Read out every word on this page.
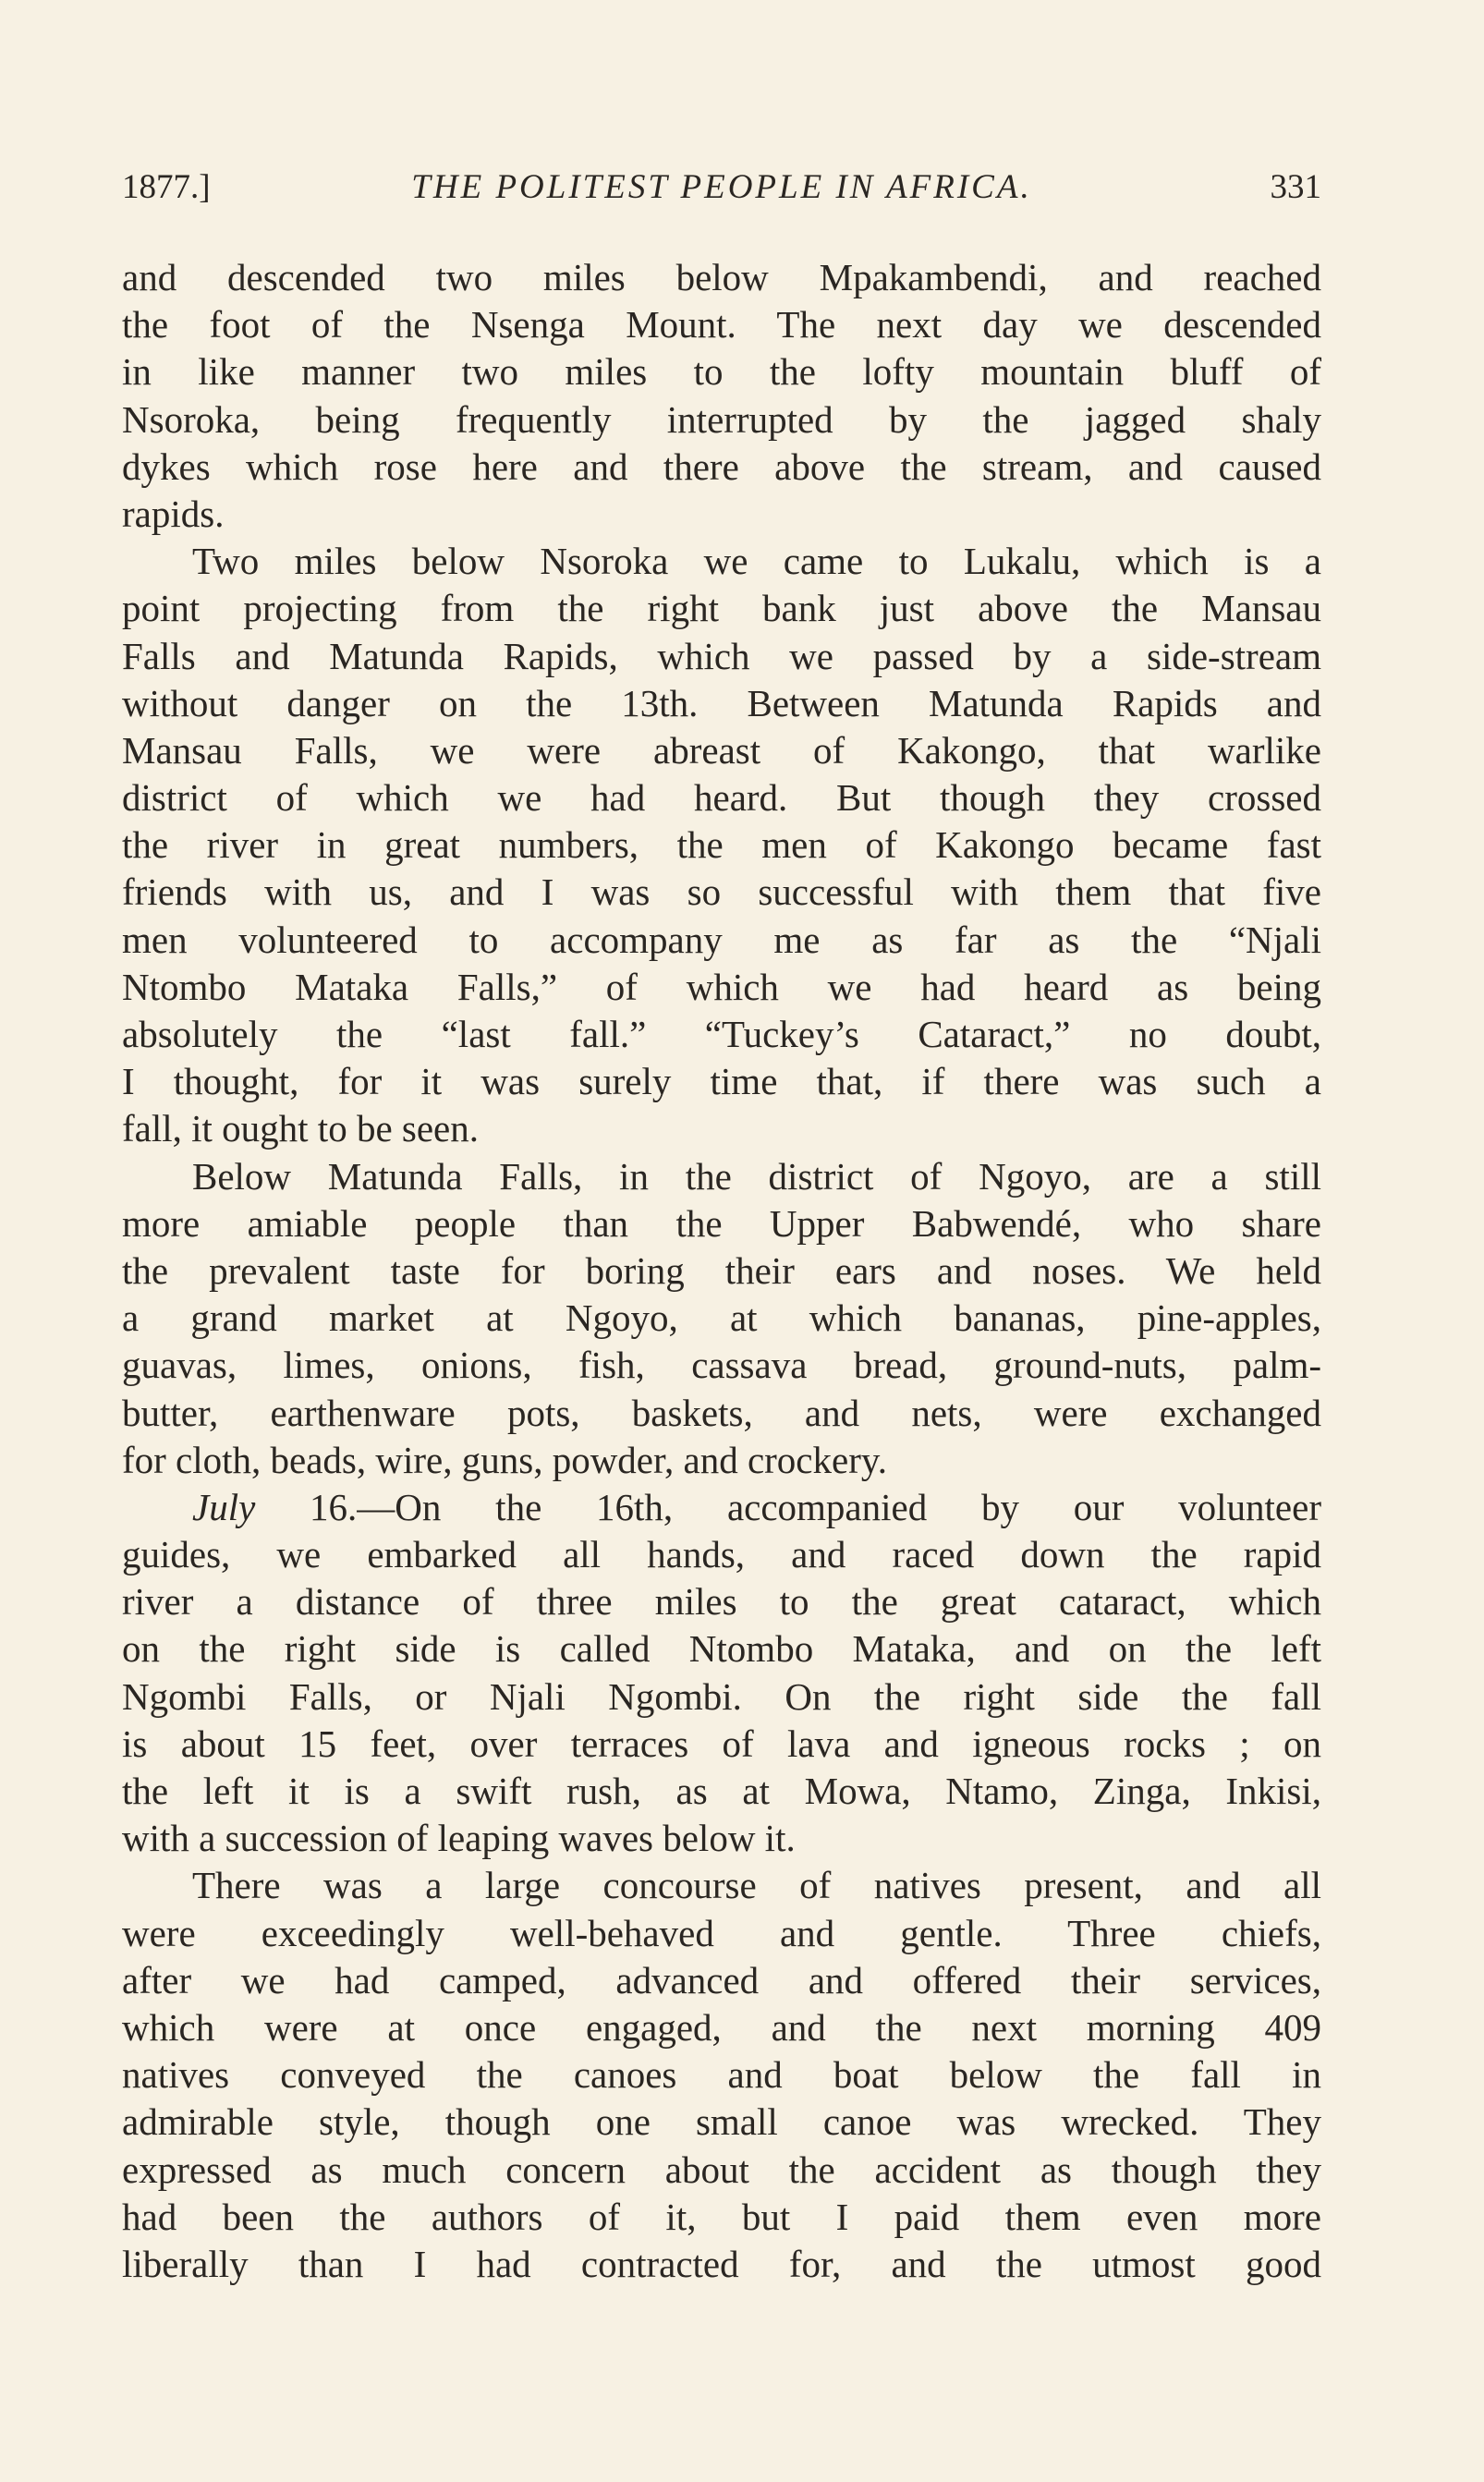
1877.]	THE POLITEST PEOPLE IN AFRICA.	331
and descended two miles below Mpakambendi, and reached
the foot of the Nsenga Mount. The next day we descended
in like manner two miles to the lofty mountain bluff of
Nsoroka, being frequently interrupted by the jagged shaly
dykes which rose here and there above the stream, and caused
rapids.
Two miles below Nsoroka we came to Lukalu, which is a
point projecting from the right bank just above the Mansau
Falls and Matunda Rapids, which we passed by a side-stream
without danger on the 13th. Between Matunda Rapids and
Mansau Falls, we were abreast of Kakongo, that warlike
district of which we had heard. But though they crossed
the river in great numbers, the men of Kakongo became fast
friends with us, and I was so successful with them that five
men volunteered to accompany me as far as the “Njali
Ntombo Mataka Falls,” of which we had heard as being
absolutely the “last fall.” “Tuckey’s Cataract,” no doubt,
I thought, for it was surely time that, if there was such a
fall, it ought to be seen.
Below Matunda Falls, in the district of Ngoyo, are a still
more amiable people than the Upper Babwendé, who share
the prevalent taste for boring their ears and noses. We held
a grand market at Ngoyo, at which bananas, pine-apples,
guavas, limes, onions, fish, cassava bread, ground-nuts, palm-
butter, earthenware pots, baskets, and nets, were exchanged
for cloth, beads, wire, guns, powder, and crockery.
July 16.—On the 16th, accompanied by our volunteer
guides, we embarked all hands, and raced down the rapid
river a distance of three miles to the great cataract, which
on the right side is called Ntombo Mataka, and on the left
Ngombi Falls, or Njali Ngombi. On the right side the fall
is about 15 feet, over terraces of lava and igneous rocks ; on
the left it is a swift rush, as at Mowa, Ntamo, Zinga, Inkisi,
with a succession of leaping waves below it.
There was a large concourse of natives present, and all
were exceedingly well-behaved and gentle. Three chiefs,
after we had camped, advanced and offered their services,
which were at once engaged, and the next morning 409
natives conveyed the canoes and boat below the fall in
admirable style, though one small canoe was wrecked. They
expressed as much concern about the accident as though they
had been the authors of it, but I paid them even more
liberally than I had contracted for, and the utmost good
